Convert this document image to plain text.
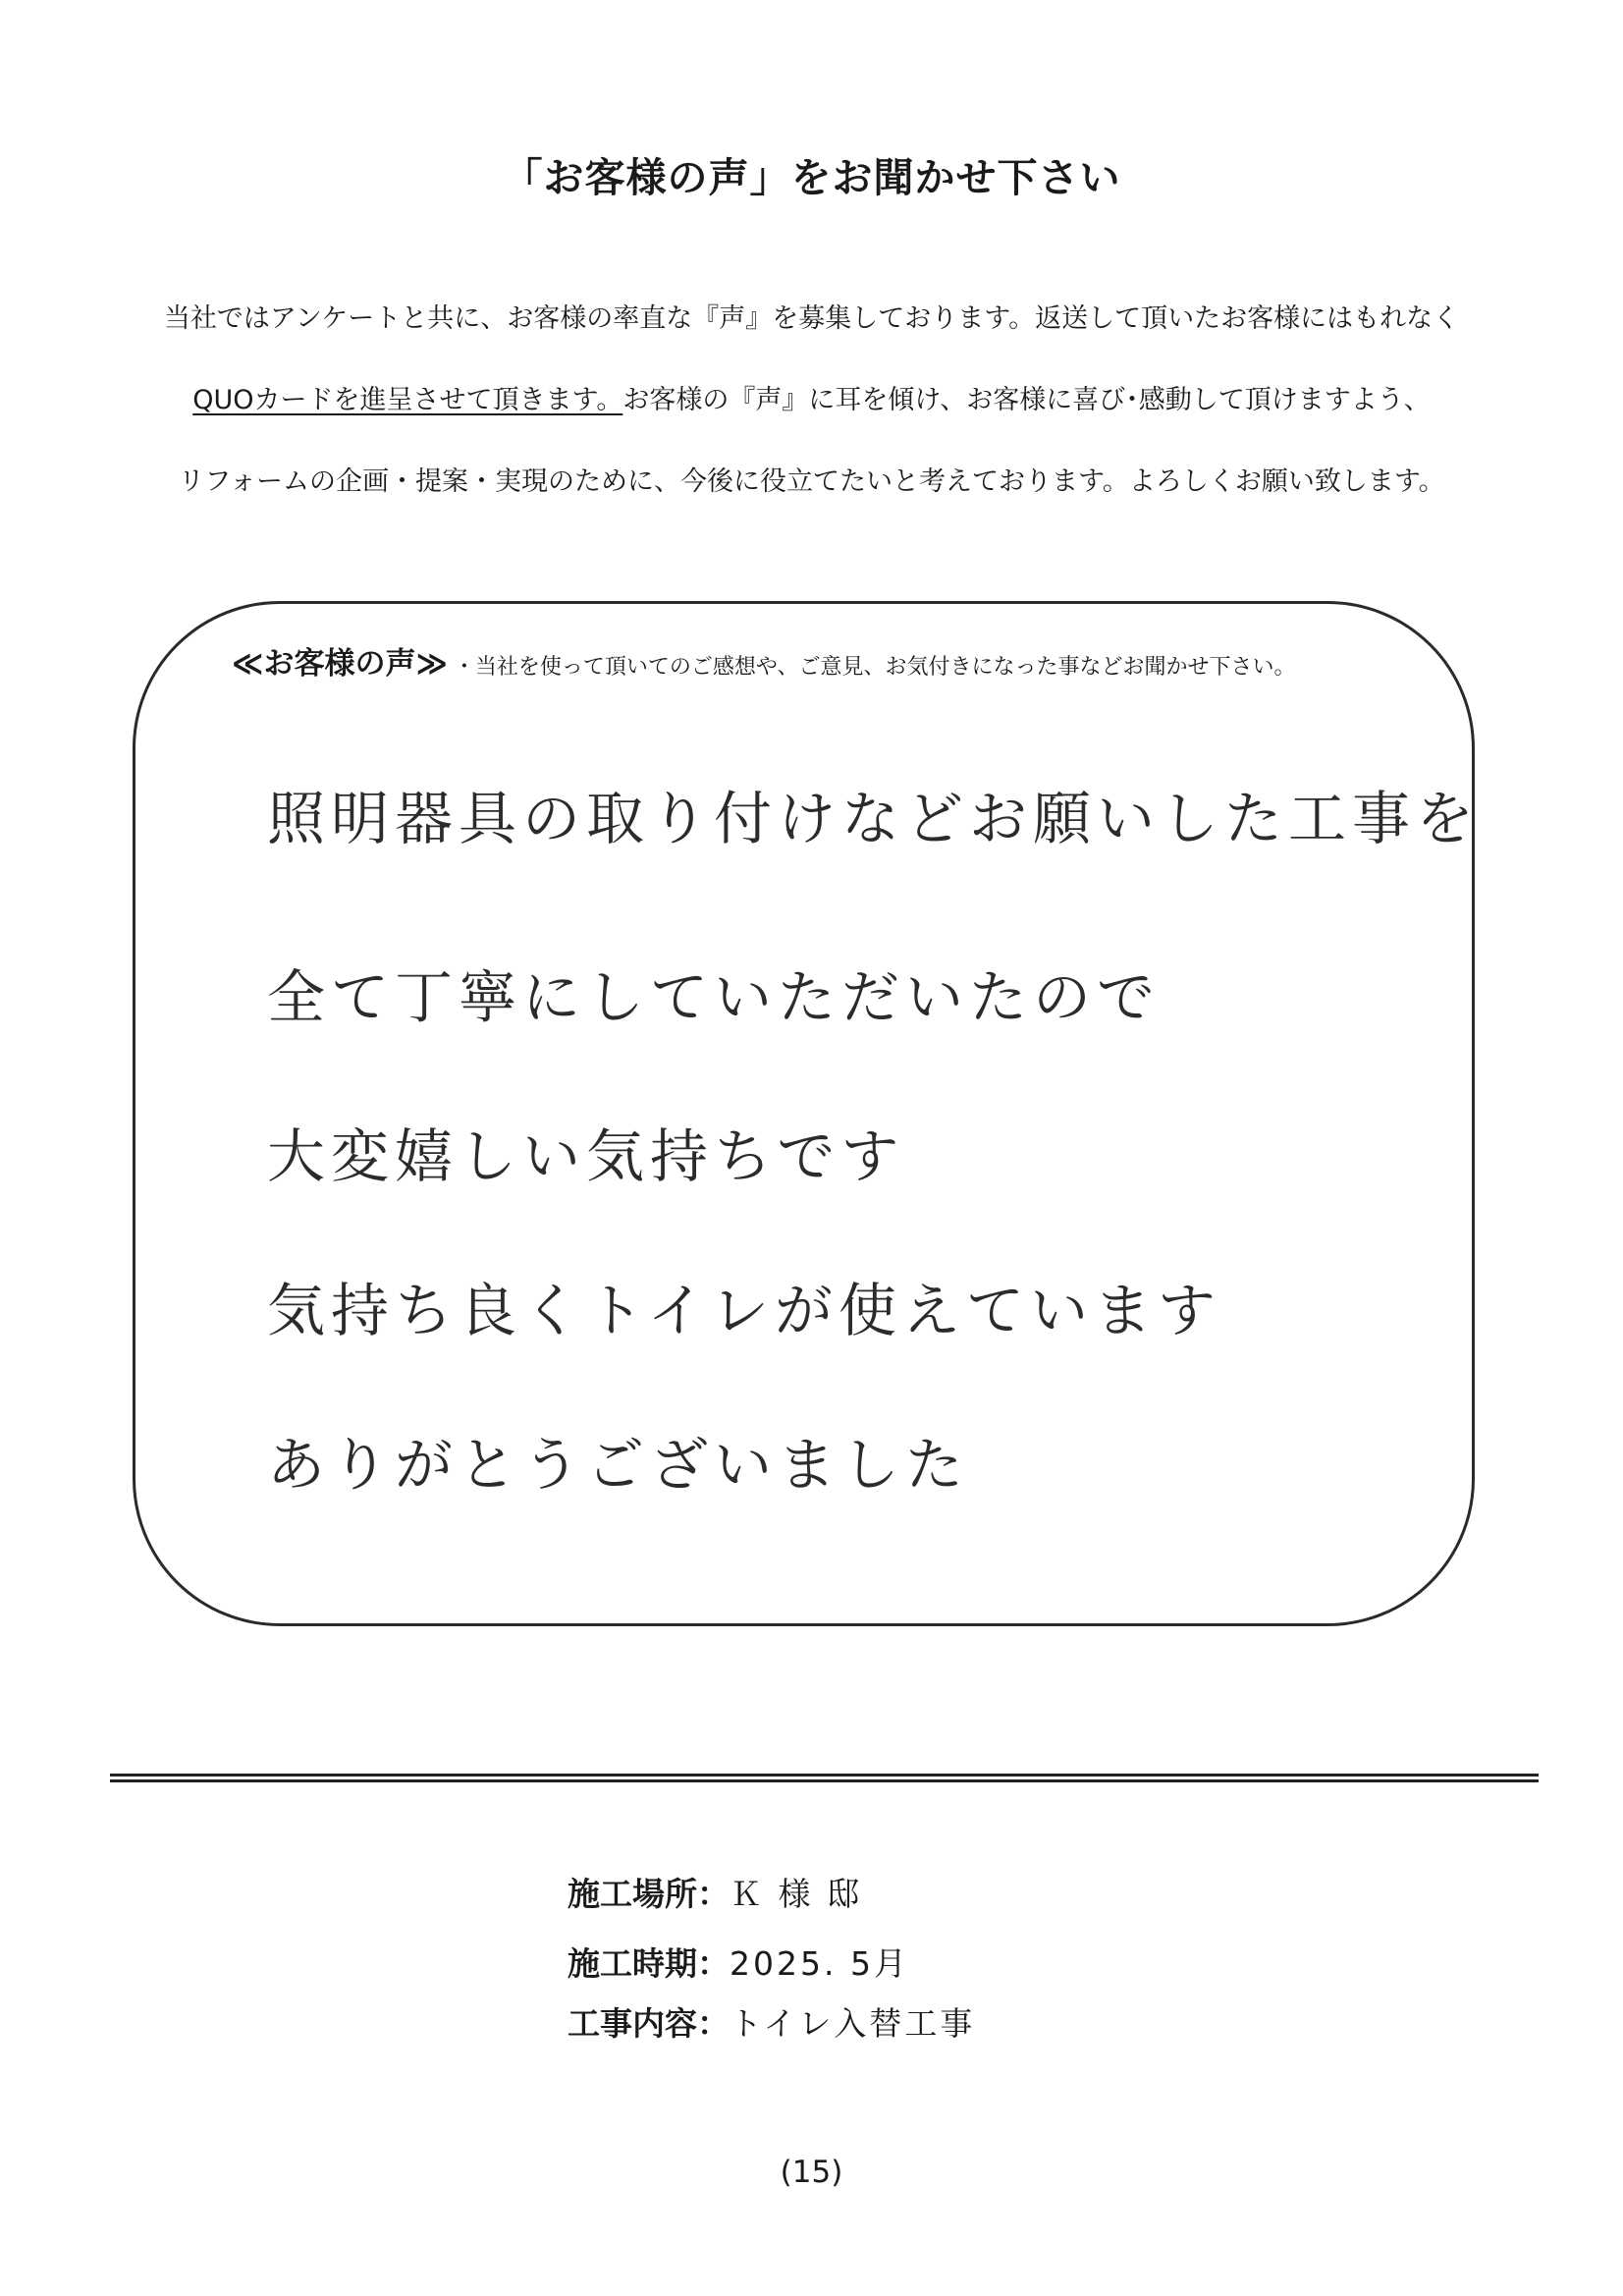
「お客様の声」をお聞かせ下さい
当社ではアンケートと共に、お客様の率直な『声』を募集しております。返送して頂いたお客様にはもれなく
QUOカードを進呈させて頂きます。お客様の『声』に耳を傾け、お客様に喜び･感動して頂けますよう、
リフォームの企画・提案・実現のために、今後に役立てたいと考えております。よろしくお願い致します。
≪お客様の声≫ ・当社を使って頂いてのご感想や、ご意見、お気付きになった事などお聞かせ下さい。
照明器具の取り付けなどお願いした工事を
全て丁寧にしていただいたので
大変嬉しい気持ちです
気持ち良くトイレが使えています
ありがとうございました
施工場所：Ｋ 様 邸
施工時期：2025. 5月
工事内容：トイレ入替工事
(15)
